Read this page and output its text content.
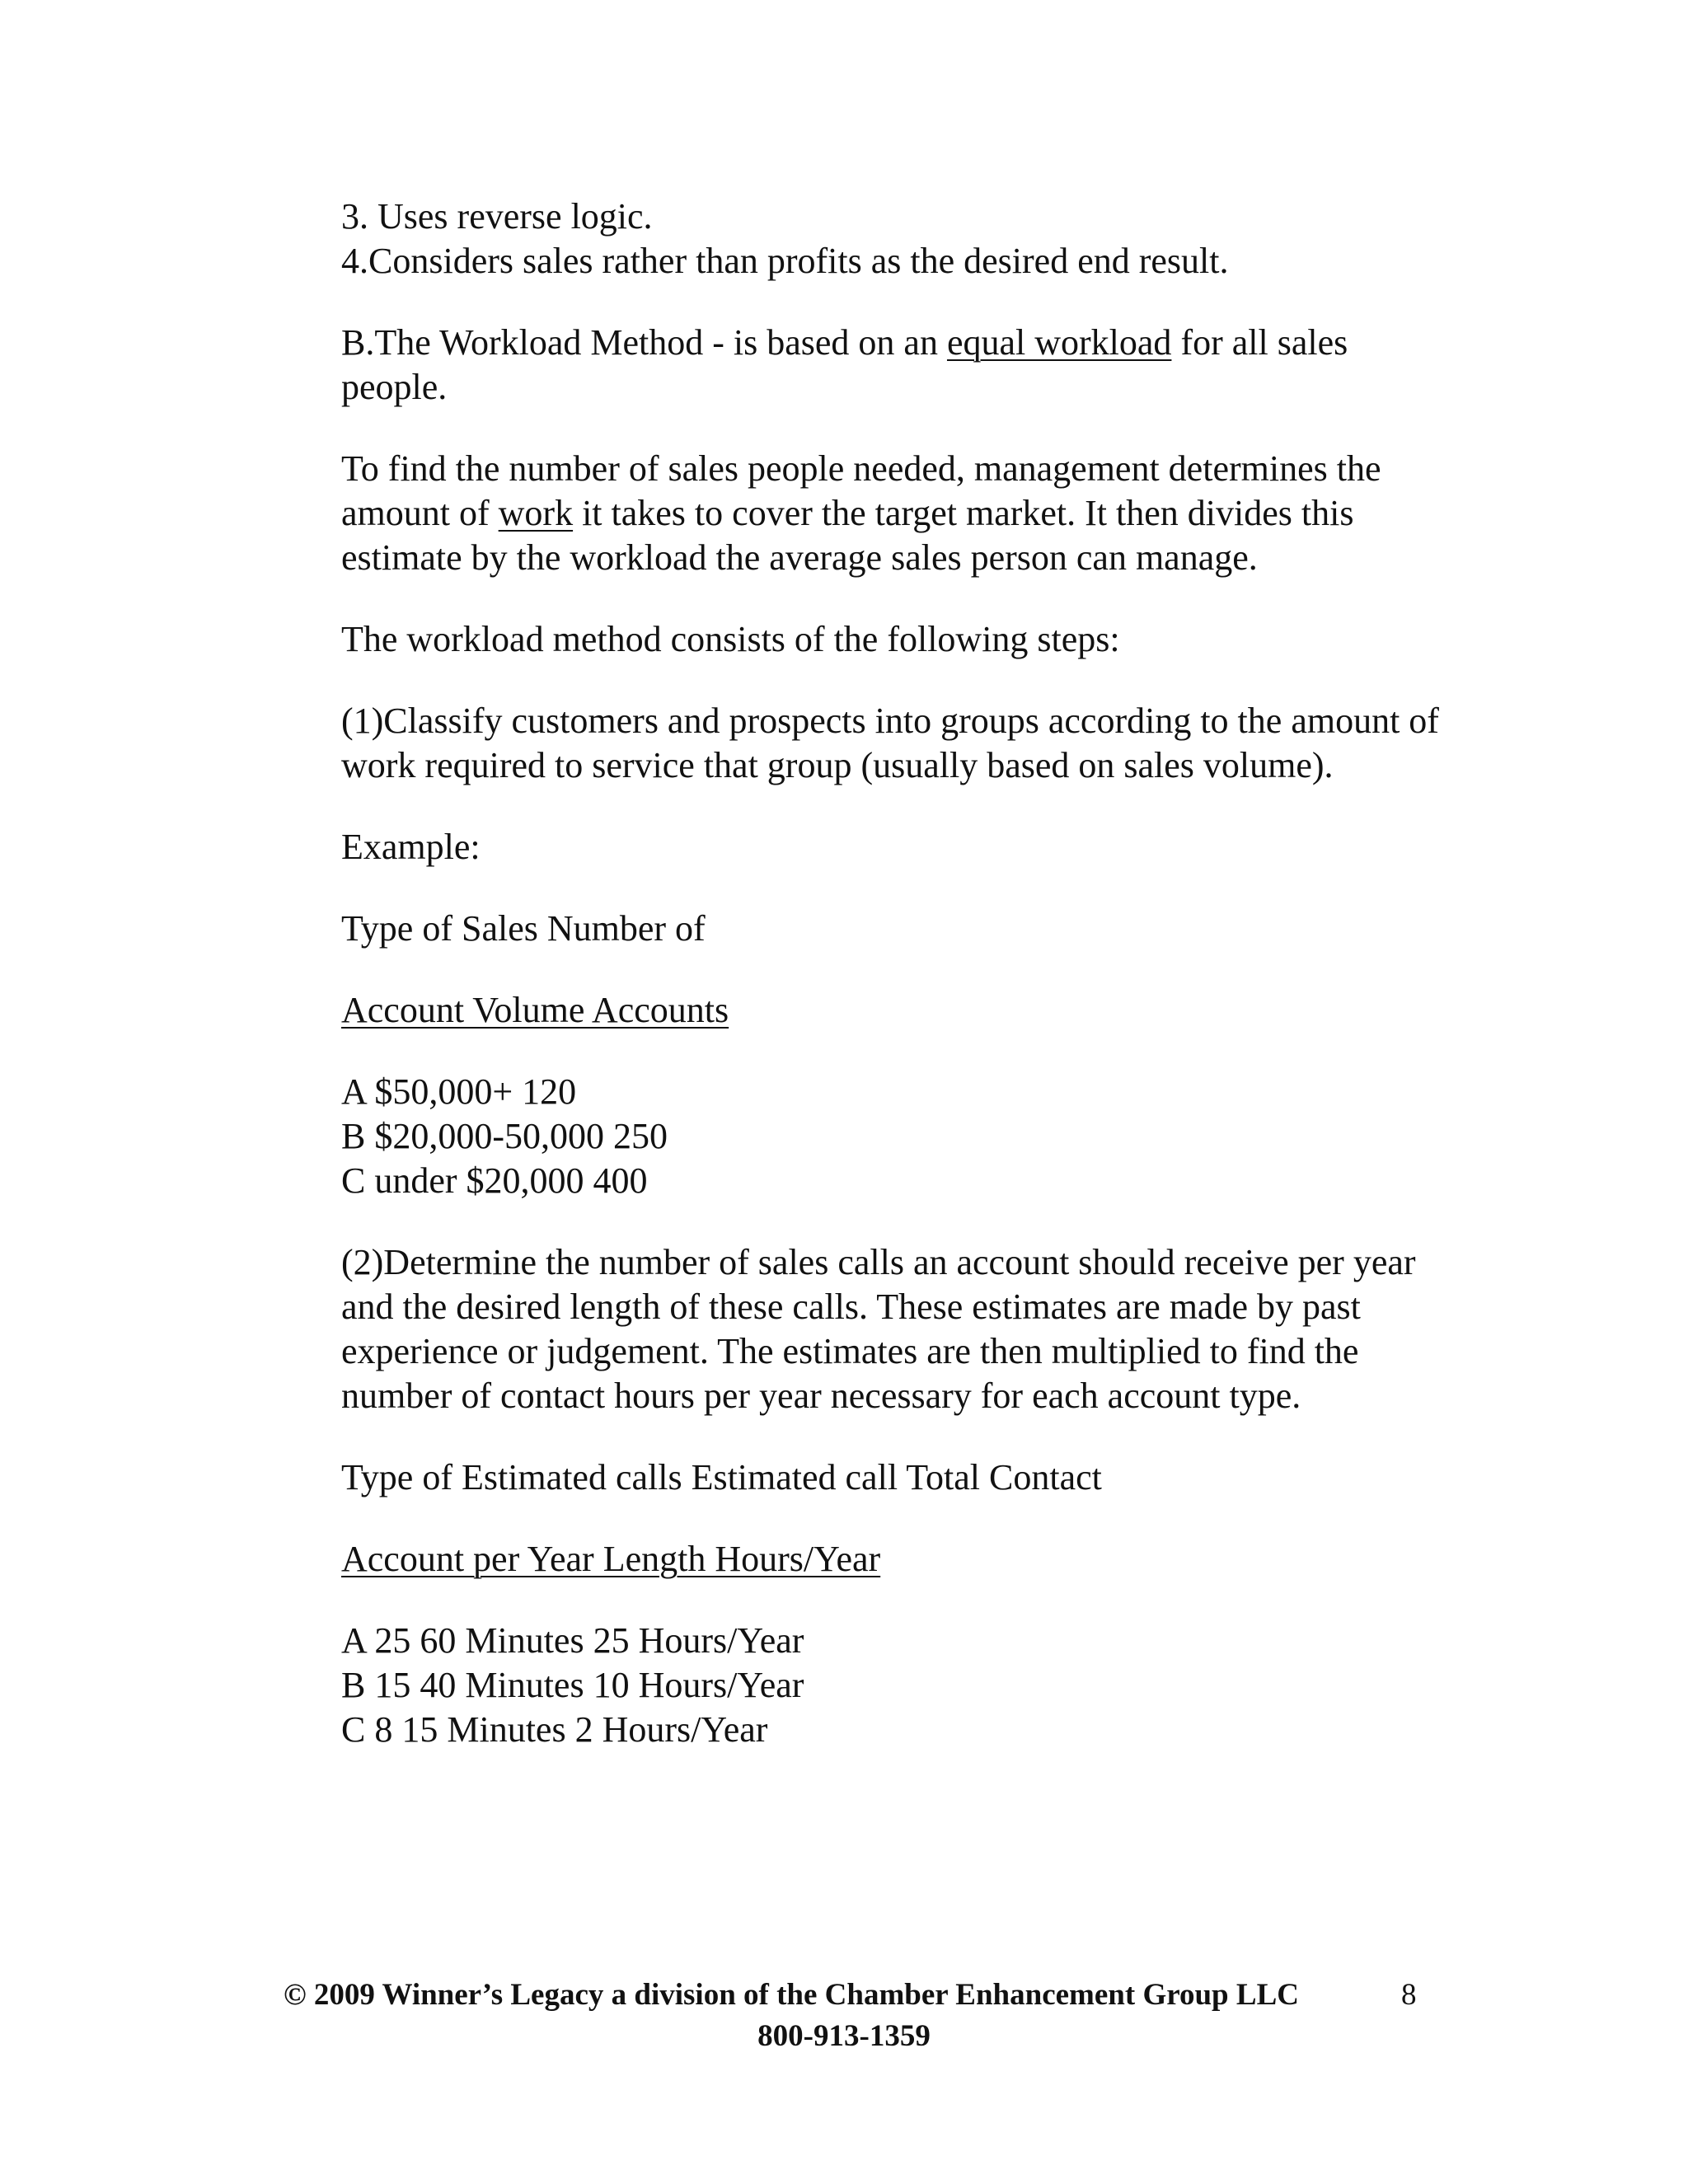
3. Uses reverse logic.

4.Considers sales rather than profits as the desired end result.

B.The Workload Method - is based on an equal workload for all sales people.

To find the number of sales people needed, management determines the amount of work it takes to cover the target market. It then divides this estimate by the workload the average sales person can manage.

The workload method consists of the following steps:

(1)Classify customers and prospects into groups according to the amount of work required to service that group (usually based on sales volume).

Example:

Type of Sales Number of

Account Volume Accounts

A $50,000+ 120
B $20,000-50,000 250
C under $20,000 400

(2)Determine the number of sales calls an account should receive per year and the desired length of these calls. These estimates are made by past experience or judgement. The estimates are then multiplied to find the number of contact hours per year necessary for each account type.

Type of Estimated calls Estimated call Total Contact

Account per Year Length Hours/Year

A 25 60 Minutes 25 Hours/Year
B 15 40 Minutes 10 Hours/Year
C 8 15 Minutes 2 Hours/Year

© 2009 Winner’s Legacy a division of the Chamber Enhancement Group LLC
800-913-1359
8
